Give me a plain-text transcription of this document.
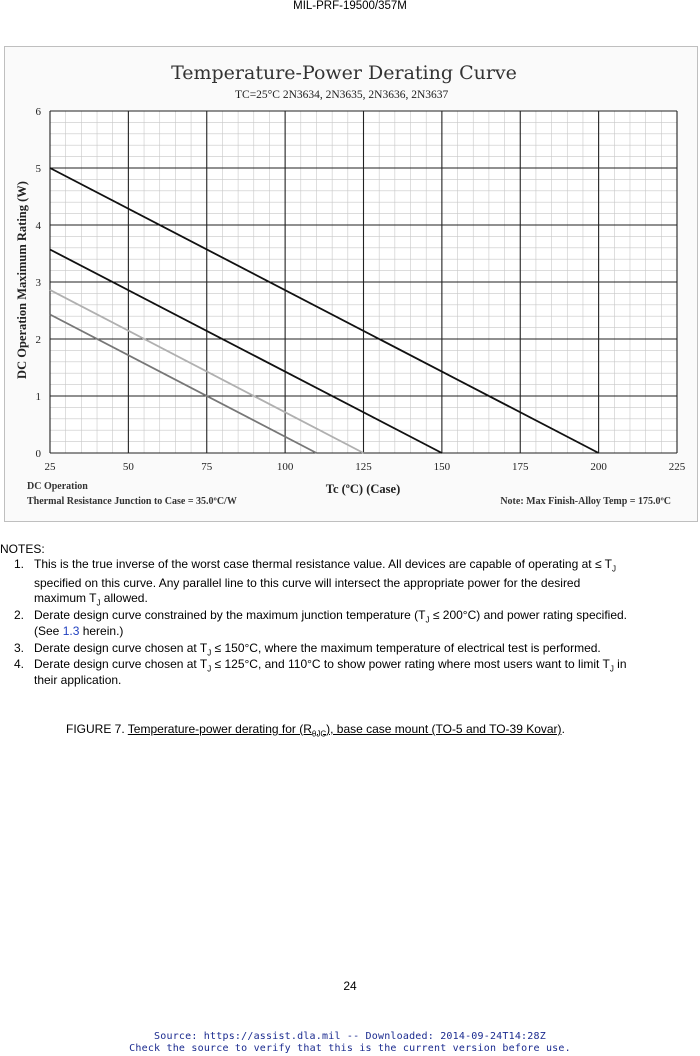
MIL-PRF-19500/357M
25	50	75	100	125	150	175	200	225
0
1
2
3
4
5
6
Temperature-Power Derating Curve
TC=25°C 2N3634, 2N3635, 2N3636, 2N3637
DC Operation Maximum Rating (W)
Tc (ºC) (Case)
DC Operation
Thermal Resistance Junction to Case = 35.0ºC/W	Note: Max Finish-Alloy Temp = 175.0ºC
NOTES:
1. This is the true inverse of the worst case thermal resistance value. All devices are capable of operating at ≤ $T_J$
specified on this curve. Any parallel line to this curve will intersect the appropriate power for the desired
maximum $T_J$ allowed.
2. Derate design curve constrained by the maximum junction temperature $(T_J \le 200^\circ C)$ and power rating specified.
(See 1.3 herein.)
3. Derate design curve chosen at $T_J \le 150^\circ C$, where the maximum temperature of electrical test is performed.
4. Derate design curve chosen at $T_J \le 125^\circ C$, and 110°C to show power rating where most users want to limit $T_J$ in
their application.
FIGURE 7. Temperature-power derating for $(R_{\theta JC})$, base case mount (TO-5 and TO-39 Kovar).
24
Source: https://assist.dla.mil -- Downloaded: 2014-09-24T14:28Z
Check the source to verify that this is the current version before use.
